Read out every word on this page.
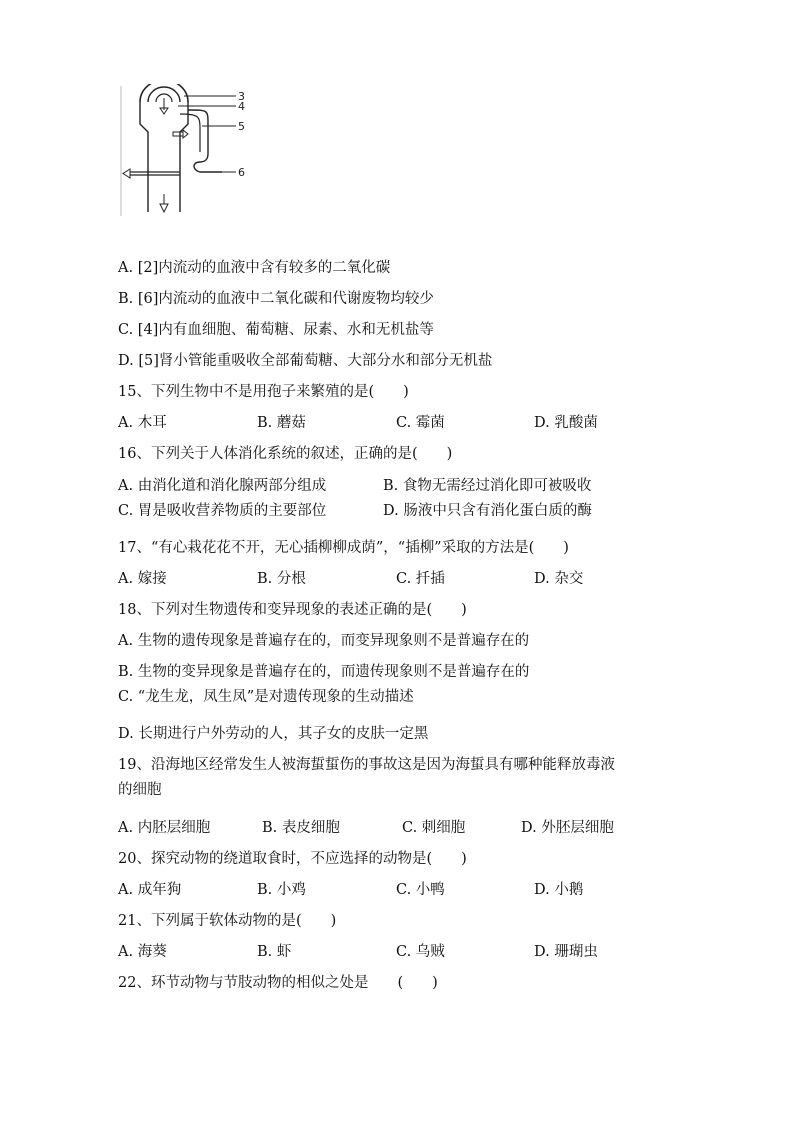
3
4
5
6
A. [2]内流动的血液中含有较多的二氧化碳
B. [6]内流动的血液中二氧化碳和代谢废物均较少
C. [4]内有血细胞、葡萄糖、尿素、水和无机盐等
D. [5]肾小管能重吸收全部葡萄糖、大部分水和部分无机盐
15、下列生物中不是用孢子来繁殖的是(　　)
A. 木耳	B. 蘑菇	C. 霉菌	D. 乳酸菌
16、下列关于人体消化系统的叙述，正确的是(　　)
A. 由消化道和消化腺两部分组成	B. 食物无需经过消化即可被吸收
C. 胃是吸收营养物质的主要部位	D. 肠液中只含有消化蛋白质的酶
17、“有心栽花花不开，无心插柳柳成荫”，“插柳”采取的方法是(　　)
A. 嫁接	B. 分根	C. 扦插	D. 杂交
18、下列对生物遗传和变异现象的表述正确的是(　　)
A. 生物的遗传现象是普遍存在的，而变异现象则不是普遍存在的
B. 生物的变异现象是普遍存在的，而遗传现象则不是普遍存在的
C. “龙生龙，凤生凤”是对遗传现象的生动描述
D. 长期进行户外劳动的人，其子女的皮肤一定黑
19、沿海地区经常发生人被海蜇蜇伤的事故这是因为海蜇具有哪种能释放毒液
的细胞
A. 内胚层细胞	B. 表皮细胞	C. 刺细胞	D. 外胚层细胞
20、探究动物的绕道取食时，不应选择的动物是(　　)
A. 成年狗	B. 小鸡	C. 小鸭	D. 小鹅
21、下列属于软体动物的是(　　)
A. 海葵	B. 虾	C. 乌贼	D. 珊瑚虫
22、环节动物与节肢动物的相似之处是　　(　　)
